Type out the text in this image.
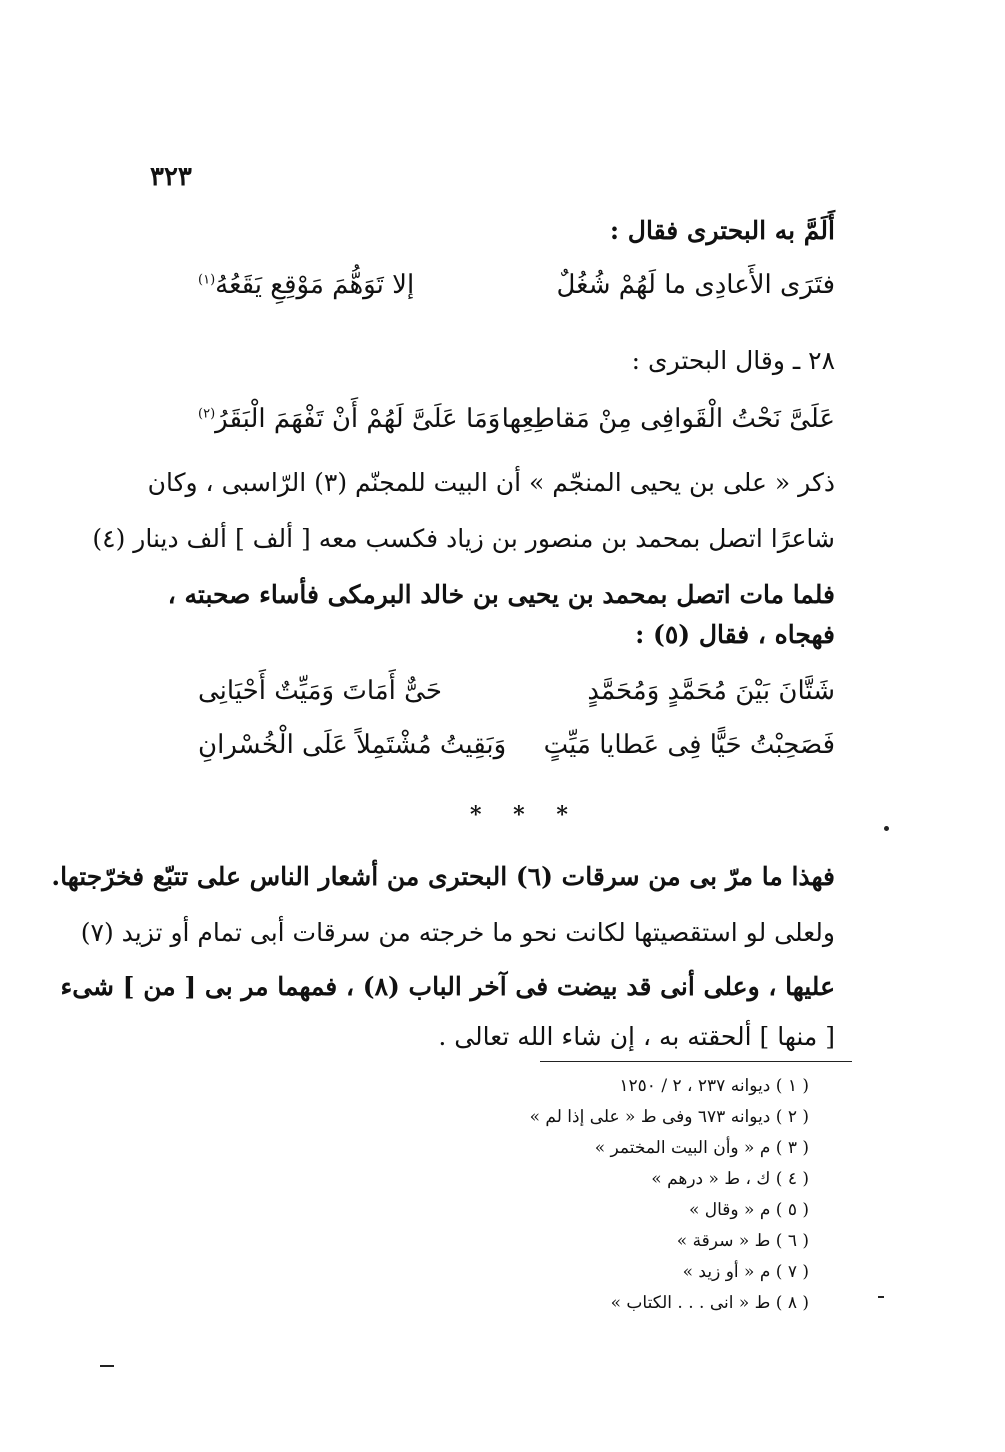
٣٢٣
أَلَمَّ به البحترى فقال :
فتَرَى الأَعادِى ما لَهُمْ شُغُلٌ
إلا تَوَهُّمَ مَوْقِعِ يَقَعُهُ$^{(١)}$
٢٨ ـ وقال البحترى :
عَلَىَّ نَحْتُ الْقَوافِى مِنْ مَقاطِعِها
وَمَا عَلَىَّ لَهُمْ أَنْ تَفْهَمَ الْبَقَرُ$^{(٢)}$
ذكر « على بن يحيى المنجّم » أن البيت للمجنّم (٣) الرّاسبى ، وكان
شاعرًا اتصل بمحمد بن منصور بن زياد فكسب معه [ ألف ] ألف دينار (٤)
فلما مات اتصل بمحمد بن يحيى بن خالد البرمكى فأساء صحبته ،
فهجاه ، فقال (٥) :
شَتَّانَ بَيْنَ مُحَمَّدٍ وَمُحَمَّدٍ
حَىٌّ أَمَاتَ وَمَيِّتٌ أَحْيَانِى
فَصَحِبْتُ حَيًّا فِى عَطايا مَيِّتٍ
وَبَقِيتُ مُشْتَمِلاً عَلَى الْخُسْرانِ
* * *
فهذا ما مرّ بى من سرقات (٦) البحترى من أشعار الناس على تتبّع فخرّجتها.
ولعلى لو استقصيتها لكانت نحو ما خرجته من سرقات أبى تمام أو تزيد (٧)
عليها ، وعلى أنى قد بيضت فى آخر الباب (٨) ، فمهما مر بى [ من ] شىء
[ منها ] ألحقته به ، إن شاء الله تعالى .
( ١ ) ديوانه ٢٣٧ ، ٢ / ١٢٥٠
( ٢ ) ديوانه ٦٧٣ وفى ط « على إذا لم »
( ٣ ) م « وأن البيت المختمر »
( ٤ ) ك ، ط « درهم »
( ٥ ) م « وقال »
( ٦ ) ط « سرقة »
( ٧ ) م « أو زيد »
( ٨ ) ط « انى . . . الكتاب »
